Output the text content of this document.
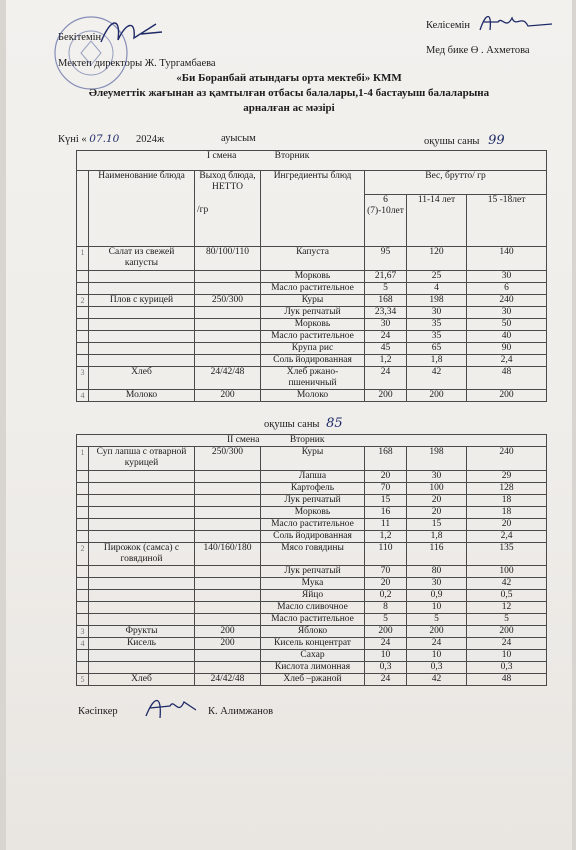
Бекітемін
Келісемін
Мектеп директоры Ж. Тургамбаева
Мед бике Ө . Ахметова
«Би Боранбай атындағы орта мектебі» КММ
Әлеуметтік жағынан аз қамтылған отбасы балалары,1-4 бастауыш балаларына
арналған ас мәзірі
Күні « 07.10 2024ж	ауысым	оқушы саны 99
I смена Вторник						
	Наименование блюда	Выход блюда, НЕТТО
/гр	Ингредиенты блюд	Вес, брутто/ гр		
				6 (7)-10лет	11-14 лет	15 -18лет
1	Салат из свежей капусты	80/100/110	Капуста	95	120	140
			Морковь	21,67	25	30
			Масло растительное	5	4	6
2	Плов с курицей	250/300	Куры	168	198	240
			Лук репчатый	23,34	30	30
			Морковь	30	35	50
			Масло растительное	24	35	40
			Крупа рис	45	65	90
			Соль йодированная	1,2	1,8	2,4
3	Хлеб	24/42/48	Хлеб ржано-пшеничный	24	42	48
4	Молоко	200	Молоко	200	200	200
оқушы саны 85
II смена Вторник						
1	Суп лапша с отварной курицей	250/300	Куры	168	198	240
			Лапша	20	30	29
			Картофель	70	100	128
			Лук репчатый	15	20	18
			Морковь	16	20	18
			Масло растительное	11	15	20
			Соль йодированная	1,2	1,8	2,4
2	Пирожок (самса) с говядиной	140/160/180	Мясо говядины	110	116	135
			Лук репчатый	70	80	100
			Мука	20	30	42
			Яйцо	0,2	0,9	0,5
			Масло сливочное	8	10	12
			Масло растительное	5	5	5
3	Фрукты	200	Яблоко	200	200	200
4	Кисель	200	Кисель концентрат	24	24	24
			Сахар	10	10	10
			Кислота лимонная	0,3	0,3	0,3
5	Хлеб	24/42/48	Хлеб –ржаной	24	42	48
Кәсіпкер	К. Алимжанов
